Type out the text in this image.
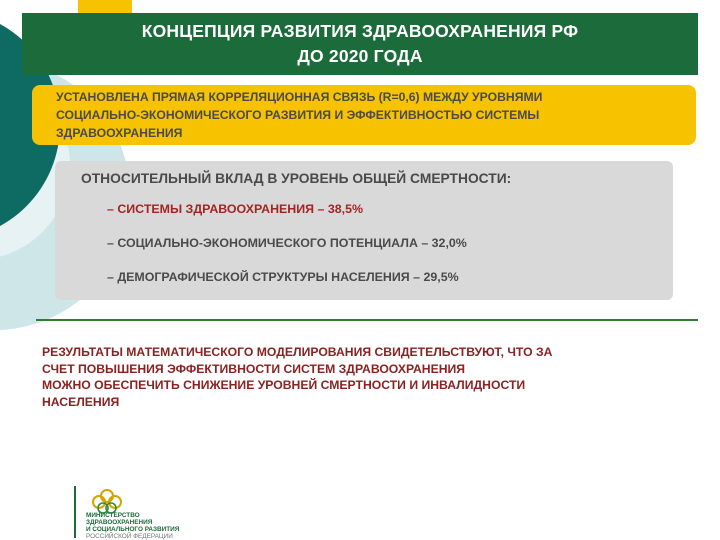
КОНЦЕПЦИЯ РАЗВИТИЯ ЗДРАВООХРАНЕНИЯ РФ
ДО 2020 ГОДА
УСТАНОВЛЕНА ПРЯМАЯ КОРРЕЛЯЦИОННАЯ СВЯЗЬ (R=0,6) МЕЖДУ УРОВНЯМИ
СОЦИАЛЬНО-ЭКОНОМИЧЕСКОГО РАЗВИТИЯ И ЭФФЕКТИВНОСТЬЮ СИСТЕМЫ
ЗДРАВООХРАНЕНИЯ
ОТНОСИТЕЛЬНЫЙ ВКЛАД В УРОВЕНЬ ОБЩЕЙ СМЕРТНОСТИ:
– СИСТЕМЫ ЗДРАВООХРАНЕНИЯ – 38,5%
– СОЦИАЛЬНО-ЭКОНОМИЧЕСКОГО ПОТЕНЦИАЛА – 32,0%
– ДЕМОГРАФИЧЕСКОЙ СТРУКТУРЫ НАСЕЛЕНИЯ – 29,5%
РЕЗУЛЬТАТЫ МАТЕМАТИЧЕСКОГО МОДЕЛИРОВАНИЯ СВИДЕТЕЛЬСТВУЮТ, ЧТО ЗА
СЧЕТ ПОВЫШЕНИЯ ЭФФЕКТИВНОСТИ СИСТЕМ ЗДРАВООХРАНЕНИЯ
МОЖНО ОБЕСПЕЧИТЬ СНИЖЕНИЕ УРОВНЕЙ СМЕРТНОСТИ И ИНВАЛИДНОСТИ
НАСЕЛЕНИЯ
МИНИСТЕРСТВО
ЗДРАВООХРАНЕНИЯ
И СОЦИАЛЬНОГО РАЗВИТИЯ
РОССИЙСКОЙ ФЕДЕРАЦИИ
